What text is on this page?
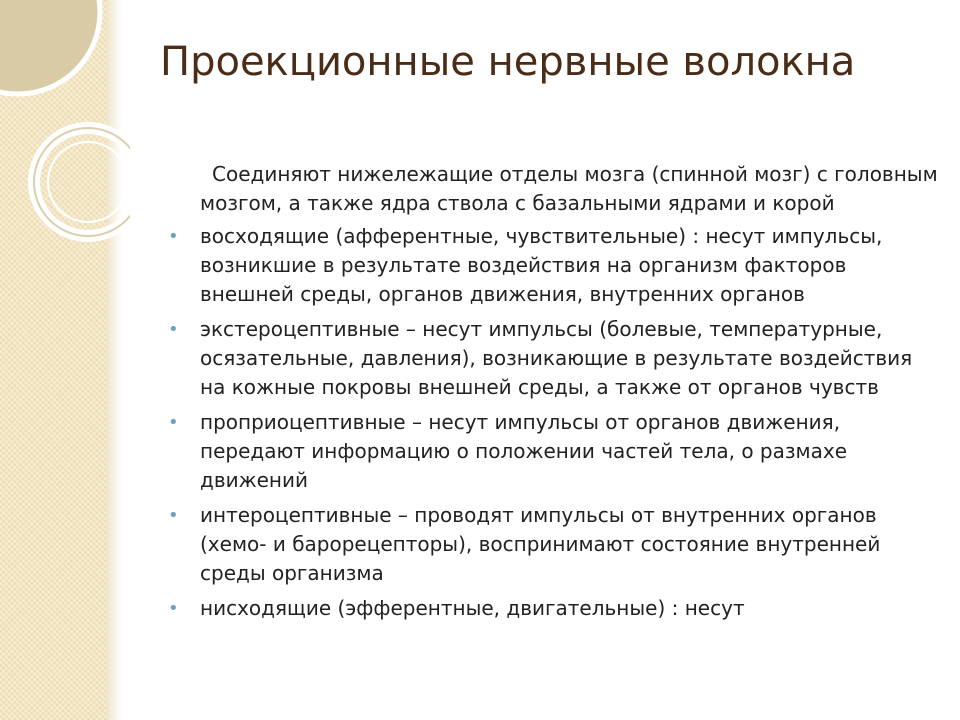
Проекционные нервные волокна

Соединяют нижележащие отделы мозга (спинной мозг) с головным мозгом, а также ядра ствола с базальными ядрами и корой

• восходящие (афферентные, чувствительные) : несут импульсы, возникшие в результате воздействия на организм факторов внешней среды, органов движения, внутренних органов
• экстероцептивные – несут импульсы (болевые, температурные, осязательные, давления), возникающие в результате воздействия на кожные покровы внешней среды, а также от органов чувств
• проприоцептивные – несут импульсы от органов движения, передают информацию о положении частей тела, о размахе движений
• интероцептивные – проводят импульсы от внутренних органов (хемо- и барорецепторы), воспринимают состояние внутренней среды организма
• нисходящие (эфферентные, двигательные) : несут
